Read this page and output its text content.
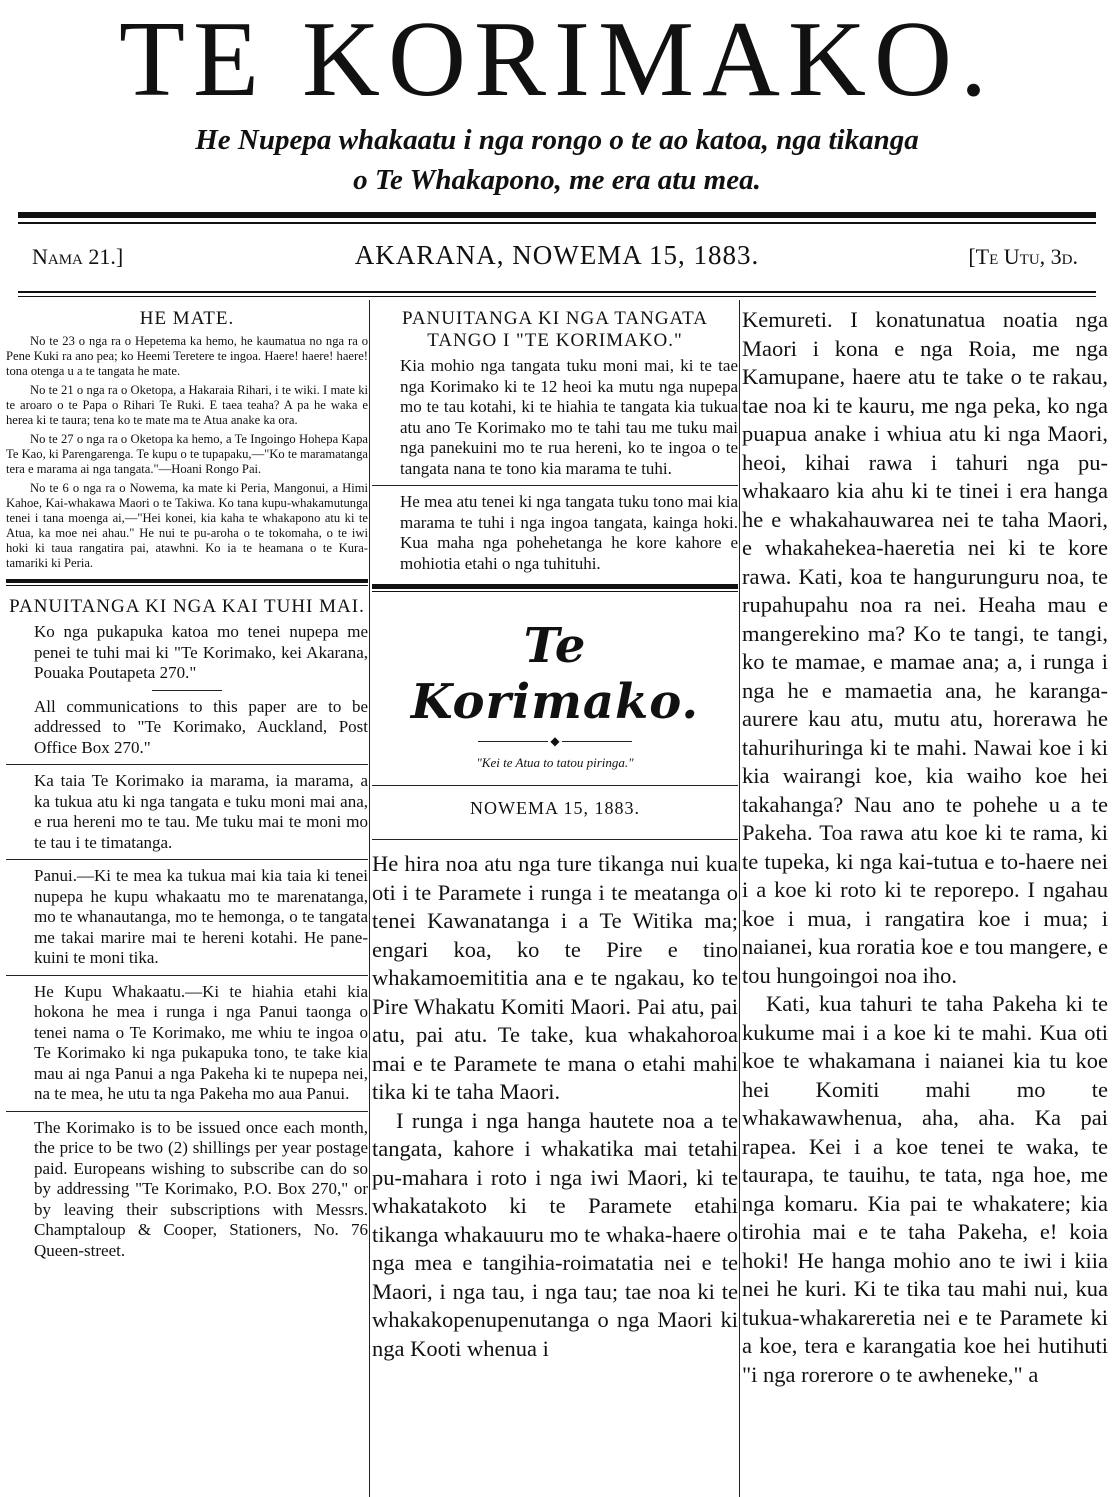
TE KORIMAKO.
He Nupepa whakaatu i nga rongo o te ao katoa, nga tikanga
o Te Whakapono, me era atu mea.
Nama 21.]	AKARANA, NOWEMA 15, 1883.	[Te Utu, 3d.
HE MATE.

No te 23 o nga ra o Hepetema ka hemo, he kaumatua no nga ra o Pene Kuki ra ano pea; ko Heemi Teretere te ingoa. Haere! haere! haere! tona otenga u a te tangata he mate.

No te 21 o nga ra o Oketopa, a Hakaraia Rihari, i te wiki. I mate ki te aroaro o te Papa o Rihari Te Ruki. E taea teaha? A pa he waka e herea ki te taura; tena ko te mate ma te Atua anake ka ora.

No te 27 o nga ra o Oketopa ka hemo, a Te Ingoingo Hohepa Kapa Te Kao, ki Parengarenga. Te kupu o te tupapaku,—"Ko te maramatanga tera e marama ai nga tangata."—Hoani Rongo Pai.

No te 6 o nga ra o Nowema, ka mate ki Peria, Mangonui, a Himi Kahoe, Kai-whakawa Maori o te Takiwa. Ko tana kupu-whakamutunga tenei i tana moenga ai,—"Hei konei, kia kaha te whakapono atu ki te Atua, ka moe nei ahau." He nui te pu-aroha o te tokomaha, o te iwi hoki ki taua rangatira pai, atawhni. Ko ia te heamana o te Kura-tamariki ki Peria.

PANUITANGA KI NGA KAI TUHI MAI.

Ko nga pukapuka katoa mo tenei nupepa me penei te tuhi mai ki "Te Korimako, kei Akarana, Pouaka Poutapeta 270."

All communications to this paper are to be addressed to "Te Korimako, Auckland, Post Office Box 270."

Ka taia Te Korimako ia marama, ia marama, a ka tukua atu ki nga tangata e tuku moni mai ana, e rua hereni mo te tau. Me tuku mai te moni mo te tau i te timatanga.

Panui.—Ki te mea ka tukua mai kia taia ki tenei nupepa he kupu whakaatu mo te marenatanga, mo te whanautanga, mo te hemonga, o te tangata me takai marire mai te hereni kotahi. He pane-kuini te moni tika.

He Kupu Whakaatu.—Ki te hiahia etahi kia hokona he mea i runga i nga Panui taonga o tenei nama o Te Korimako, me whiu te ingoa o Te Korimako ki nga pukapuka tono, te take kia mau ai nga Panui a nga Pakeha ki te nupepa nei, na te mea, he utu ta nga Pakeha mo aua Panui.

The Korimako is to be issued once each month, the price to be two (2) shillings per year postage paid. Europeans wishing to subscribe can do so by addressing "Te Korimako, P.O. Box 270," or by leaving their subscriptions with Messrs. Champtaloup & Cooper, Stationers, No. 76 Queen-street.

PANUITANGA KI NGA TANGATA TANGO I "TE KORIMAKO."

Kia mohio nga tangata tuku moni mai, ki te tae nga Korimako ki te 12 heoi ka mutu nga nupepa mo te tau kotahi, ki te hiahia te tangata kia tukua atu ano Te Korimako mo te tahi tau me tuku mai nga panekuini mo te rua hereni, ko te ingoa o te tangata nana te tono kia marama te tuhi.

He mea atu tenei ki nga tangata tuku tono mai kia marama te tuhi i nga ingoa tangata, kainga hoki. Kua maha nga pohehetanga he kore kahore e mohiotia etahi o nga tuhituhi.

Te Korimako.
◆
"Kei te Atua to tatou piringa."
NOWEMA 15, 1883.

He hira noa atu nga ture tikanga nui kua oti i te Paramete i runga i te meatanga o tenei Kawanatanga i a Te Witika ma; engari koa, ko te Pire e tino whakamoemititia ana e te ngakau, ko te Pire Whakatu Komiti Maori. Pai atu, pai atu, pai atu. Te take, kua whakahoroa mai e te Paramete te mana o etahi mahi tika ki te taha Maori.

I runga i nga hanga hautete noa a te tangata, kahore i whakatika mai tetahi pu-mahara i roto i nga iwi Maori, ki te whakatakoto ki te Paramete etahi tikanga whakauuru mo te whaka-haere o nga mea e tangihia-roimatatia nei e te Maori, i nga tau, i nga tau; tae noa ki te whakakopenupenutanga o nga Maori ki nga Kooti whenua i

Kemureti. I konatunatua noatia nga Maori i kona e nga Roia, me nga Kamupane, haere atu te take o te rakau, tae noa ki te kauru, me nga peka, ko nga puapua anake i whiua atu ki nga Maori, heoi, kihai rawa i tahuri nga pu-whakaaro kia ahu ki te tinei i era hanga he e whakahauwarea nei te taha Maori, e whakahekea-haeretia nei ki te kore rawa. Kati, koa te hangurunguru noa, te rupahupahu noa ra nei. Heaha mau e mangerekino ma? Ko te tangi, te tangi, ko te mamae, e mamae ana; a, i runga i nga he e mamaetia ana, he karanga-aurere kau atu, mutu atu, horerawa he tahurihuringa ki te mahi. Nawai koe i ki kia wairangi koe, kia waiho koe hei takahanga? Nau ano te pohehe u a te Pakeha. Toa rawa atu koe ki te rama, ki te tupeka, ki nga kai-tutua e to-haere nei i a koe ki roto ki te reporepo. I ngahau koe i mua, i rangatira koe i mua; i naianei, kua roratia koe e tou mangere, e tou hungoingoi noa iho.

Kati, kua tahuri te taha Pakeha ki te kukume mai i a koe ki te mahi. Kua oti koe te whakamana i naianei kia tu koe hei Komiti mahi mo te whakawawhenua, aha, aha. Ka pai rapea. Kei i a koe tenei te waka, te taurapa, te tauihu, te tata, nga hoe, me nga komaru. Kia pai te whakatere; kia tirohia mai e te taha Pakeha, e! koia hoki! He hanga mohio ano te iwi i kiia nei he kuri. Ki te tika tau mahi nui, kua tukua-whakareretia nei e te Paramete ki a koe, tera e karangatia koe hei hutihuti "i nga rorerore o te awheneke," a
